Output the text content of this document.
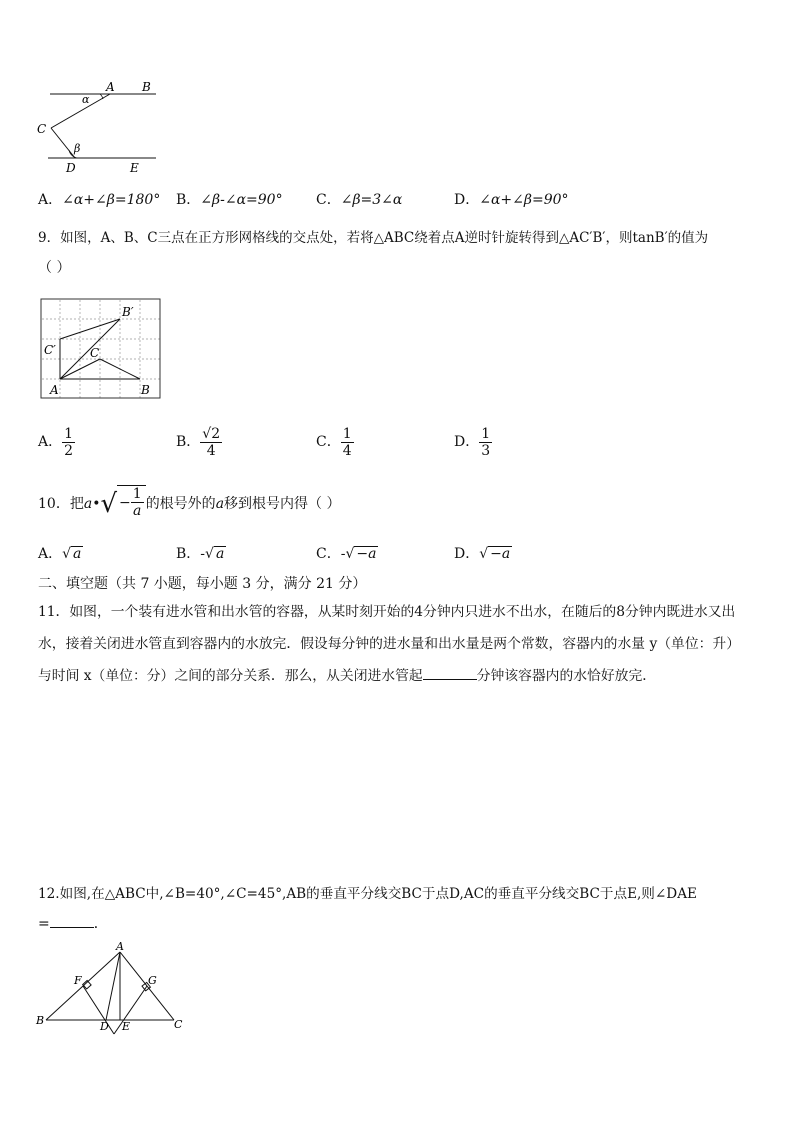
A B
α
C
β
D	E
A．∠α+∠β=180° B．∠β-∠α=90° C．∠β=3∠α	D．∠α+∠β=90°
9．如图，A、B、C三点在正方形网格线的交点处，若将△ABC绕着点A逆时针旋转得到△AC′B′，则tanB′的值为
（ ）
B′
C′	C
A	B
A． $\frac{1}{2}$	B． $\frac{√2}{4}$	C． $\frac{1}{4}$	D． $\frac{1}{3}$
10．把 a • √ − $\frac{1}{a}$ 的根号外的 a 移到根号内得（ ）
A．√ a	B．-√ a	C．-√ −a	D．√ −a
二、填空题（共 7 小题，每小题 3 分，满分 21 分）
11．如图，一个装有进水管和出水管的容器，从某时刻开始的4分钟内只进水不出水，在随后的8分钟内既进水又出
水，接着关闭进水管直到容器内的水放完．假设每分钟的进水量和出水量是两个常数，容器内的水量 y（单位：升）
与时间 x（单位：分）之间的部分关系．那么，从关闭进水管起	分钟该容器内的水恰好放完．
12.如图,在△ABC中,∠B=40°,∠C=45°,AB的垂直平分线交BC于点D,AC的垂直平分线交BC于点E,则∠DAE
=	．
A
F	G
B	D E	C
